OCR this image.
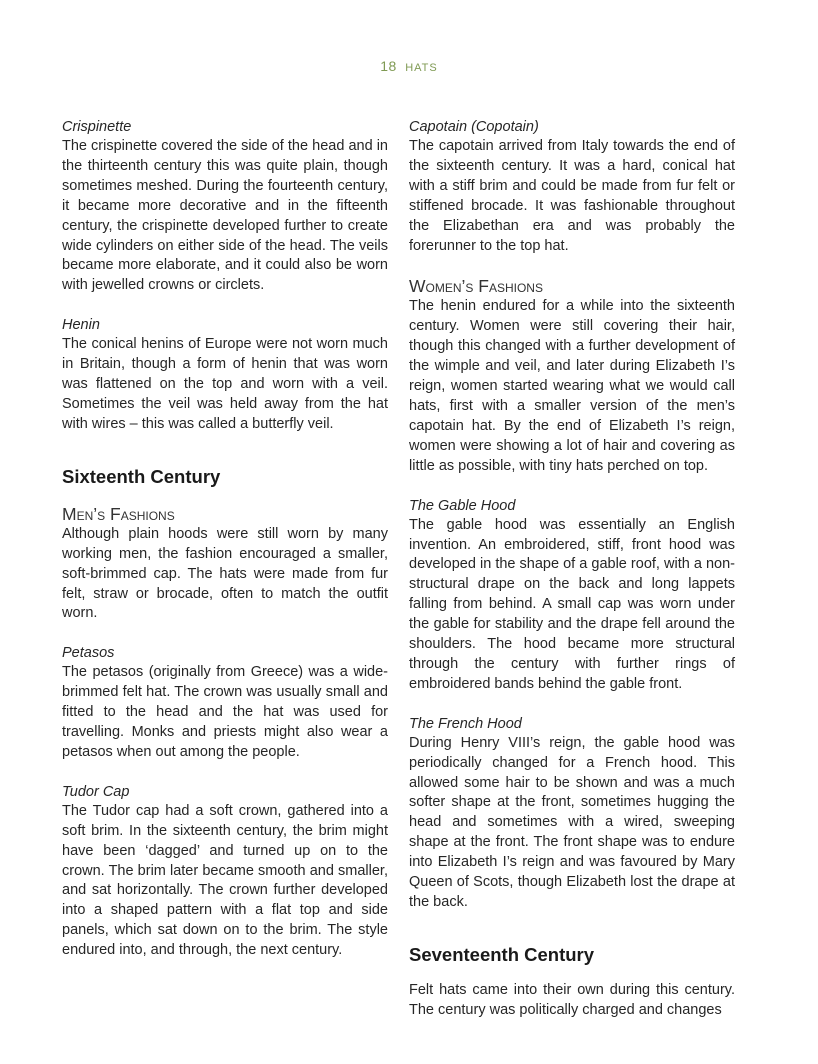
18 HATS
Crispinette

The crispinette covered the side of the head and in the thirteenth century this was quite plain, though sometimes meshed. During the fourteenth century, it became more decorative and in the fifteenth century, the crispinette developed further to create wide cylinders on either side of the head. The veils became more elaborate, and it could also be worn with jewelled crowns or circlets.

Henin

The conical henins of Europe were not worn much in Britain, though a form of henin that was worn was flattened on the top and worn with a veil. Sometimes the veil was held away from the hat with wires – this was called a butterfly veil.

Sixteenth Century
Men’s Fashions

Although plain hoods were still worn by many working men, the fashion encouraged a smaller, soft-brimmed cap. The hats were made from fur felt, straw or brocade, often to match the outfit worn.

Petasos

The petasos (originally from Greece) was a wide-brimmed felt hat. The crown was usually small and fitted to the head and the hat was used for travelling. Monks and priests might also wear a petasos when out among the people.

Tudor Cap

The Tudor cap had a soft crown, gathered into a soft brim. In the sixteenth century, the brim might have been ‘dagged’ and turned up on to the crown. The brim later became smooth and smaller, and sat horizontally. The crown further developed into a shaped pattern with a flat top and side panels, which sat down on to the brim. The style endured into, and through, the next century.

Capotain (Copotain)

The capotain arrived from Italy towards the end of the sixteenth century. It was a hard, conical hat with a stiff brim and could be made from fur felt or stiffened brocade. It was fashionable throughout the Elizabethan era and was probably the forerunner to the top hat.

Women’s Fashions

The henin endured for a while into the sixteenth century. Women were still covering their hair, though this changed with a further development of the wimple and veil, and later during Elizabeth I’s reign, women started wearing what we would call hats, first with a smaller version of the men’s capotain hat. By the end of Elizabeth I’s reign, women were showing a lot of hair and covering as little as possible, with tiny hats perched on top.

The Gable Hood

The gable hood was essentially an English invention. An embroidered, stiff, front hood was developed in the shape of a gable roof, with a non-structural drape on the back and long lappets falling from behind. A small cap was worn under the gable for stability and the drape fell around the shoulders. The hood became more structural through the century with further rings of embroidered bands behind the gable front.

The French Hood

During Henry VIII’s reign, the gable hood was periodically changed for a French hood. This allowed some hair to be shown and was a much softer shape at the front, sometimes hugging the head and sometimes with a wired, sweeping shape at the front. The front shape was to endure into Elizabeth I’s reign and was favoured by Mary Queen of Scots, though Elizabeth lost the drape at the back.

Seventeenth Century

Felt hats came into their own during this century. The century was politically charged and changes
